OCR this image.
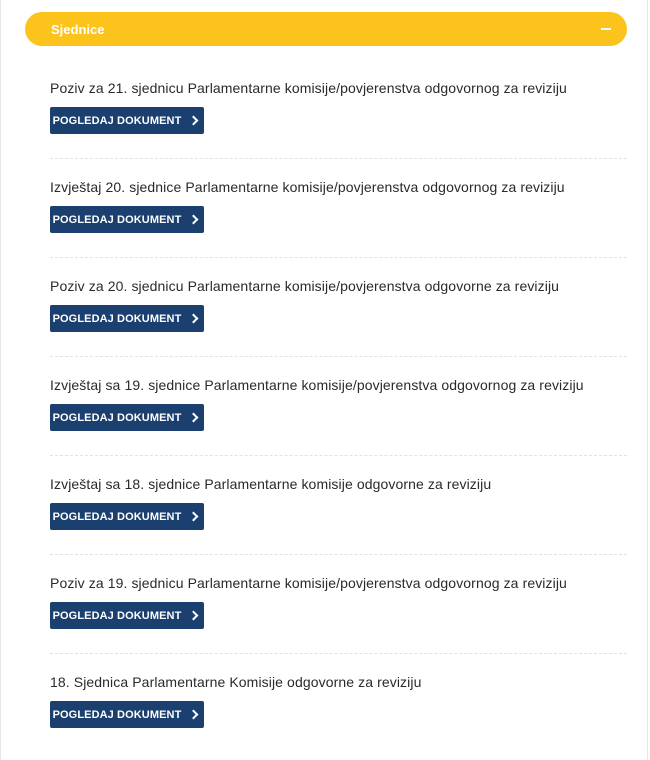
Sjednice
Poziv za 21. sjednicu Parlamentarne komisije/povjerenstva odgovornog za reviziju
POGLEDAJ DOKUMENT
Izvještaj 20. sjednice Parlamentarne komisije/povjerenstva odgovornog za reviziju
POGLEDAJ DOKUMENT
Poziv za 20. sjednicu Parlamentarne komisije/povjerenstva odgovorne za reviziju
POGLEDAJ DOKUMENT
Izvještaj sa 19. sjednice Parlamentarne komisije/povjerenstva odgovornog za reviziju
POGLEDAJ DOKUMENT
Izvještaj sa 18. sjednice Parlamentarne komisije odgovorne za reviziju
POGLEDAJ DOKUMENT
Poziv za 19. sjednicu Parlamentarne komisije/povjerenstva odgovornog za reviziju
POGLEDAJ DOKUMENT
18. Sjednica Parlamentarne Komisije odgovorne za reviziju
POGLEDAJ DOKUMENT
